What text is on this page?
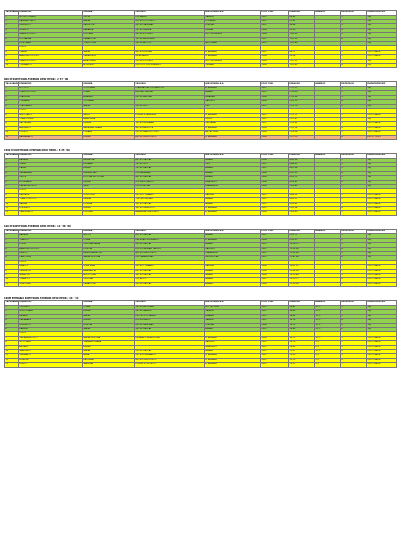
ΤΑΞΗ-ΦΑΣΗ	ΕΠΩΝΥΜΟ	ΟΝΟΜΑ	ΣΧΟΛΕΙΟ	ΔΙΕΥΘΥΝΣΗ Δ.Ε.	ΕΤΟΣ ΓΕΝ.	ΕΠΙΔΟΣΗ	ΑΝΕΜΟΣ	ΚΑΤΑΤΑΞΗ	ΠΑΡΑΤΗΡΗΣΕΙΣ
1	ΦΟΥΝΤΟΥΛΑΚΗ	ΧΡΥΣΗ	ΓΕΛ ΒΑΡΗΣ	ΧΑΝΙΩΝ	2007	56.49		1	1ος
2	ΚΑΡΑΝΙΚΟΛΑΟΥ	ΜΑΡΙΑ	2ο ΓΕΛ ΤΟΟΤΣΙΚΟΥ	ΚΟΖΑΝΗΣ	2007	57.81		2	2ος
3	ΡΕΜΠΕΛΟΥ	ΚΑΛΛΙΟΠΗ	5ο ΓΕΛ ΧΑΛΚΙΔΑΣ	ΕΥΒΟΙΑΣ	2007	58.66		3	1ος
4	ΜΠΕΝΤΟ	ΡΑΦΑΕΛΑ	2ο ΓΕΛ ΓΑΛΑΤΑ	ΠΙΕΡΙΑΣ	2006	59.50		4	2ος
5	ΓΙΑΝΝΟΠΟΥΛΟΥ	ΕΥΘΥΜΙΑ	5ο ΓΕΛ ΕΥΟΣΜΟΥ	ΔΥΤ. ΘΕΣ/ΝΙΚΗΣ	2006	1:00.03		5	1ος
6	ΚΟΤΣΑΡΙΔΑ	ΠΑΝΑΓΙΩΤΑ	1ο ΓΕΛ ΚΑΤΕΡΙΝΗΣ		2007	1:01.25		6	1ος
7	ΓΕΩΡΓΙΑΔΗ	ΣΤΑΥΡΟΥΛΑ	1ο ΓΕΛ ΑΡΓΟΥΣ	ΑΡΓΟΛΙΔΑΣ	2007	1:01.49		7	1ος
	ΚΥΡΟΣ								
8	ΖΗΦΡΑ	ΜΑΡΙΑ	4ο ΓΕΛ ΒΥΡΩΝΑ	Δ' ΑΘΗΝΑΣ	2007	58.71		1	ΟΡΙΟ ΓΦΑΣΗ
9	ΑΝΑΣΤΑΣΟΠΟΥΛΟΥ	ΠΑΡΑΣΚΕΥΗ	8ο ΑΡΣΑΚΕΙΟ	Β' ΑΘΗΝΑΣ	2006	59.08		2	ΟΡΙΟ ΓΦΑΣΗ
10	ΓΙΑΝΝΟΠΟΥΛΟΥ	ΑΙΚΑΤΕΡΙΝΗ	2ο ΓΕΛ ΕΥΟΣΜΟΥ	ΔΥΤ. ΘΕΣ/ΝΙΚΗΣ	2006	1:01.32		3	1ος
12	ΤΣΙΛΙΒΑΚΟΥ	ΑΓΓΕΛΙΚΗ	ΠΡΟΤΥΠΟ ΓΕΛ ΙΩΝΙΔΕΙΟΥ	ΠΕΙΡΑΙΑ	2006	1:01.63		4	2ος
800 Μ ΚΟΡΙΤΣΙΩΝ ΛΥΚΕΙΩΝ ΟΡΙΟ ΠΡΟΚ.: 2΄37΄΄00
ΤΑΞΗ-ΦΑΣΗ	ΕΠΩΝΥΜΟ	ΟΝΟΜΑ	ΣΧΟΛΕΙΟ	ΔΙΕΥΘΥΝΣΗ Δ.Ε.	ΕΤΟΣ ΓΕΝ.	ΕΠΙΔΟΣΗ	ΑΝΕΜΟΣ	ΚΑΤΑΤΑΞΗ	ΠΑΡΑΤΗΡΗΣΕΙΣ
1	ΡΟΥΣΣΟΥ	ΣΟΥΛΤΑΝΑ	ΓΡΑΜΜΑΤΕΙΑ ΣΥΡΓΙΑΝΗ ΓΕΛ	Α' ΑΘΗΝΑΣ	2007	2:11.21		1	1ος
2	ΣΤΑΥΡΟΠΟΥΛΟΥ	ΛΥΔΙΑ	8ο ΕΠΑΛ ΠΑΤΡΑΣ	ΑΧΑΪΑΣ	2007	2:15.09		2	1ος
3	ΓΚΑΛΙΛΛΑ	ΑΡΙΑΔΝΗ	2ο ΓΕΛ ΒΕΡΟΙΑΣ	ΗΜΑΘΙΑΣ	2006	2:15.36		3	1ος
4	ΣΤΕΦΑΝΗ	ΣΤΥΛΙΑΝΗ		ΛΑΣΙΘΙΟΥ	2006	2:21.10		4	2ος
5	ΣΤΑΥΡΙΑΝΟΥ	ΜΑΡΙΑ	2ο ΓΕΛ ΧΙΟΥ	ΧΙΟΥ	2007	2:21.79		5	2ος
	ΚΥΡΟΣ								
6	ΦΛΟΥΤΑΚΟΥ	ΝΕΛΛΥ	ΚΟΛΛΕΓΙΟ ΑΘΗΝΩΝ	Β' ΑΘΗΝΑΣ	2007	2:11.71		1	ΟΡΙΟ ΓΦΑΣΗ
7	ΣΤΑΜΠΟΛΙΔΗ	ΑΝΑΣΤΑΣΙΑ		ΚΙΛΚΙΣ	2007	2:21.87		2	1ος
8	ΚΑΤΣΕΡΙΔΗ	ΕΙΡΗΝΗ	1ο ΓΕΛ ΛΕΥΚΑΔΑΣ	ΛΕΥΚΑΔΑΣ	2007	2:23.65		3	ΟΡΙΟ ΓΦΑΣΗ
9	ΑΜΠΡΑΖΟΥ	ΝΑΤΑΛΙΑ-ΚΥΡΙΑΚΗ	4ο ΓΕΛ ΚΑΛΟΥΤΑ	Δ' ΑΘΗΝΑΣ	2006	2:23.18		4	ΟΡΙΟ ΓΦΑΣΗ
10	ΠΟΡΚΟΥ	ΚΥΡΙΑΚΗ	2ο ΓΕΛ ΜΑΡΚΟΠΟΥΛΟΥ	ΑΝ. ΑΤΤΙΚΗΣ	2006	2:25.04		5	ΟΡΙΟ ΓΦΑΣΗ
12	ΔΑΜΙΑΝΑΚΟΥ	ΕΛΕΝΗ	8ο ΓΕΛ ΠΕΡΙΣΤΕΡΙΟΥ	Δ' ΑΘΗΝΑΣ	2006	2:27.20		6	ΕΚΤΟΣ ΟΡΙΟΥ
1500 Μ ΚΟΡΙΤΣΙΩΝ ΛΥΚΕΙΩΝ ΟΡΙΟ ΠΡΟΚ.: 5΄25΄΄00
ΤΑΞΗ-ΦΑΣΗ	ΕΠΩΝΥΜΟ	ΟΝΟΜΑ	ΣΧΟΛΕΙΟ	ΔΙΕΥΘΥΝΣΗ Δ.Ε.	ΕΤΟΣ ΓΕΝ.	ΕΠΙΔΟΣΗ	ΑΝΕΜΟΣ	ΚΑΤΑΤΑΞΗ	ΠΑΡΑΤΗΡΗΣΕΙΣ
1	ΒΑΛΑΧΑ	ΝΙΚΗΦΟΡΑ	4ο ΓΕΛ ΠΑΤΡΑΣ	ΑΧΑΪΑΣ	2006	4:43.08		1	1ος
2	ΧΩΒΗ	ΕΛΙΣΑΒΕΤ	1ο ΓΕΛ ΧΙΟΥ	ΧΙΟΥ	2007	4:44.52		2	1ος
3	ΛΑΛΙΑ	ΕΛΕΝΗ	7ο ΓΕΛ ΠΑΤΡΑΣ	ΑΧΑΪΑΣ	2007	4:47.06		3	1ος
4	ΠΑΠΑΔΗΜΑ	ΕΛΕΝΗ-ΕΥΑΓΓ	ΓΕΛ ΚΑΛΑΜΑΚΙ	ΑΧΑΪΑΣ	2006	4:51.33		4	1ος
5	ΠΕΤΡΕ	ΕΥΤΥΧΙΑ ΧΡΥΣΟΥΛΑ	4ο ΓΕΛ ΠΑΤΡΑΣ	ΑΧΑΪΑΣ	2006	4:53.15		5	1ος
6	ΒΟΥΚΙΝΑΚΗ	ΕΛΕΝΗ	ΓΕΛ ΧΕΡΣΟΝΗΣΟΥ	ΗΡΑΚΛΕΙΟΥ	2006	4:53.81		6	1ος
7	ΠΑΠΑΓΡΗΓΟΡΙΟΥ	ΝΙΚΗ	ΓΕΛ ΚΟΝΙΤΣΑΣ	ΙΩΑΝΝΙΝΩΝ	2006	5:03.83		7	1ος
	ΚΥΡΟΣ								
8	ΚΑΣΚΑΛΗ	ΠΟΛΥΤΙΜΗ	2ο ΓΕΛ ΤΥΡΝΑΒΟΥ	ΛΑΡΙΣΑΣ	2007	4:49.25		1	ΟΡΙΟ ΓΦΑΣΗ
9	ΤΣΑΝΤΟΠΟΥΛΟΥ	ΕΙΡΗΝΗ	11ο ΓΕΛ ΠΑΤΡΑΣ	ΑΧΑΪΑΣ	2007	4:50.21		2	ΟΡΙΟ ΓΦΑΣΗ
10	ΒΑΡΒΙΑ	ΕΥΓΕΝΙΑ	9ο ΓΕΛ ΠΑΤΡΑΣ	ΑΧΑΪΑΣ	2007	4:55.82		3	ΟΡΙΟ ΓΦΑΣΗ
11	ΚΟΚΚΙΝΟΥ	ΕΛΕΝΗ	3ο ΓΕΛ ΓΑΛΑΤΣΙΟΥ	Δ' ΑΘΗΝΑΣ	2007	5:02.34		4	ΟΡΙΟ ΓΦΑΣΗ
12	ΠΑΝΤΕΛΙΔΟΥ	ΕΥΘΥΜΙΑ	ΑΚΑΔΗΜΙΑ ΠΛΑΤΩΝΟΣ	Β' ΑΘΗΝΑΣ	2006	5:03.69		5	ΟΡΙΟ ΓΦΑΣΗ
100 Μ ΚΟΡΙΤΣΙΩΝ ΛΥΚΕΙΩΝ ΟΡΙΟ ΠΡΟΚ.: 11΄΄38΄΄00
ΤΑΞΗ-ΦΑΣΗ	ΕΠΩΝΥΜΟ	ΟΝΟΜΑ	ΣΧΟΛΕΙΟ	ΔΙΕΥΘΥΝΣΗ Δ.Ε.	ΕΤΟΣ ΓΕΝ.	ΕΠΙΔΟΣΗ	ΑΝΕΜΟΣ	ΚΑΤΑΤΑΞΗ	ΠΑΡΑΤΗΡΗΣΕΙΣ
1	ΒΑΛΑΧΑ	ΜΥΡΤΩ	6ο ΓΕΛ ΠΑΤΡΑΣ	ΑΧΑΪΑΣ	2007	9:52.72		1	1ος
2	ΤΣΑΡΠΟΥ	ΣΟΦΙΑ	20ο ΕΠΑΛ ΣΩΤΗΡΑΚΟΥ	Δ' ΑΘΗΝΑΣ	2006	9:55.01		2	1ος
3	ΚΟΚΚΙ	ΧΡΙΣΤΙΝΑ ΜΑΡΙΑ	5ο ΓΕΛ ΠΑΤΡΑΣ	ΑΧΑΪΑΣ	2007	10:28.12		3	1ος
4	ΑΝΑΣΤΑΣΟΠΟΥΛΟΥ	ΓΕΩΡΓΙΑ	ΓΕΛ ΣΤΡΕΦΙΛΑΚΙ ΠΑΥΛΟΥ	ΛΑΣΙΘΙΟΥ	2007	11:33.58		4	1ος
5	ΓΑΛΕΟΥ	ΔΗΜΗΤΡΑ-ΒΙΚΤΩΡ.	4ο ΓΕΛ ΠΕΡΙΣΤΕΡΙΟΥ	ΙΩΑΝΝΙΝΩΝ	2007	11:33.89		5	1ος
6	ΠΑΝΟΥΚΛΗ	ΜΑΡΙΑ ΧΡΙΣΤΙΝΑ	ΓΕΛ ΠΑΡΑΜΥΘΙΑΣ	ΘΕΣΠΡΩΤΙΑΣ	2007	11:41.64		6	1ος
	ΚΥΡΟΣ								
7	ΔΡΑΚΟΥ	ΙΣΜΗΓΕΝΙΑ	2ο ΓΕΛ ΤΥΡΝΑΒΟΥ	ΛΑΡΙΣΑΣ	2006	10:01.22		1	ΟΡΙΟ ΓΦΑΣΗ
8	ΣΕΡΕΜΕΤΗ	ΑΔΑΜΑΝΤΙΑ	6ο ΓΕΛ ΠΑΤΡΑΣ	ΑΧΑΪΑΣ	2006	10:08.04		2	ΟΡΙΟ ΓΦΑΣΗ
9	ΦΡΑΝΤΖΗ	ΑΠΟΣΤΟΛΙΑ	3ο ΓΕΛ ΠΑΤΡΑΣ	ΑΧΑΪΑΣ	2006	10:10.84		3	ΟΡΙΟ ΓΦΑΣΗ
10	ΤΖΑΝΕΤΟΥ	ΧΡΙΣΤΙΝΑ	ΓΕΛ ΑΙΓΙΟΥ	ΑΧΑΪΑΣ	2007	10:20.17		4	ΟΡΙΟ ΓΦΑΣΗ
12	ΓΕΝΙΤΣΙΜΗ	ΠΑΝΑΓΙΩΤΑ	5ο ΓΕΛ ΠΑΤΡΑΣ	ΑΧΑΪΑΣ	2006	11:20.54		5	ΟΡΙΟ ΓΦΑΣΗ
100Μ ΕΜΠΟΔΙΑ ΚΟΡΙΤΣΙΩΝ ΛΥΚΕΙΩΝ ΟΡΙΟ ΠΡΟΚ.: 16΄΄ 14
ΤΑΞΗ-ΦΑΣΗ	ΕΠΩΝΥΜΟ	ΟΝΟΜΑ	ΣΧΟΛΕΙΟ	ΔΙΕΥΘΥΝΣΗ Δ.Ε.	ΕΤΟΣ ΓΕΝ.	ΕΠΙΔΟΣΗ	ΑΝΕΜΟΣ	ΚΑΤΑΤΑΞΗ	ΠΑΡΑΤΗΡΗΣΕΙΣ
1	ΣΥΡΙΣΙΔΟΥ	ΣΟΦΙΑ	1ο ΓΕΛ ΒΙΕΥΣΙΝΑΣ	ΔΥΤ. ΑΤΤΙΚΗΣ	2007	14.42	+1.2	1	1ος
2	ΜΠΡΟΥΠΑΚΗ	ΕΛΕΝΗ	1ο ΓΕΛ ΧΑΝΙΩΝ	ΧΑΝΙΩΝ	2007	14.49	+1.2	2	1ος
3	ΒΕΛΑΡΗ	ΜΑΡΙΑ	ΓΕΛ ΠΡΟΣΟΤΣΑΝΗΣ	ΔΡΑΜΑΣ	2007	14.62	+1.2	3	1ος
4	ΠΑΠΑΔΑΚΗ	ΕΛΕΝΗ	ΓΕΛ ΚΙΣΣΑΜΟΥ	ΧΑΝΙΩΝ	2007	14.76	+1.2	4	1ος
5	ΡΕΜΠΕΛΟΥ	ΓΕΩΡΓΙΑ	5ο ΓΕΛ ΧΑΛΚΙΔΑΣ	ΕΥΒΟΙΑΣ	2006	14.79	+1.2	5	1ος
6	ΚΑΡΑΛΗ	ΜΑΡΙΑ	3ο ΓΕΛ ΠΑΤΡΑΣ	ΑΧΑΪΑΣ	2007	14.89	+1.2	6	1ος
	ΚΥΡΟΣ								
7	ΠΑΠΑΔΗΜΗΤΡΙΟΥ	ΜΑΡΙΑ ΧΡΙΣΤΙΝΑ	ΕΚΠΑΙΔΕΥΤΗΡΙΑ ΔΟΥΚΑ	Β' ΑΘΗΝΑΣ	2006	14.73	+1.2	1	ΟΡΙΟ ΓΦΑΣΗ
8	ΜΟΥΤΣΑΚΗ	ΙΩΑΝΝΑ-ΡΟΔΑΝΑ		ΛΑΣΙΘΙΟΥ	2007	14.79	0.3	2	ΟΡΙΟ ΓΦΑΣΗ
9	ΑΝΤΑΚΗ	ΕΛΕΝΗ		ΗΡΑΚΛΕΙΟΥ	2007	14.85	0.3	3	ΟΡΙΟ ΓΦΑΣΗ
10	ΜΑΝΤΑΚΟΥ	ΜΑΡΙΑ	2ο ΓΕΛ ΠΑΤΡΑΣ	ΑΧΑΪΑΣ	2007	15.01	+1.2	4	ΟΡΙΟ ΓΦΑΣΗ
11	ΓΑΡΔΙΑΝΟΥ	ΑΝΝΑ	2ο ΓΕΛ Ε.ΚΑΛΑΒΡΟΥ	Β' ΑΘΗΝΑΣ	2007	15.09	0.3	5	ΟΡΙΟ ΓΦΑΣΗ
12	ΒΟΙΑΤΖΗ	ΚΑΤΕΡΙΝΑ	8ο ΓΕΛ ΠΕΡΙΣΤΕΡΙΟΥ	Δ' ΑΘΗΝΑΣ	2007	15.13	0.3	6	ΟΡΙΟ ΓΦΑΣΗ
12	ΒΟΒΟΥ	ΜΑΚΡΙΝΑ	ΚΟΛΛΕΓΙΟ ΨΥΧΙΚΟΥ	Β' ΑΘΗΝΑΣ	2007	15.31	0.3	7	ΟΡΙΟ ΓΦΑΣΗ
